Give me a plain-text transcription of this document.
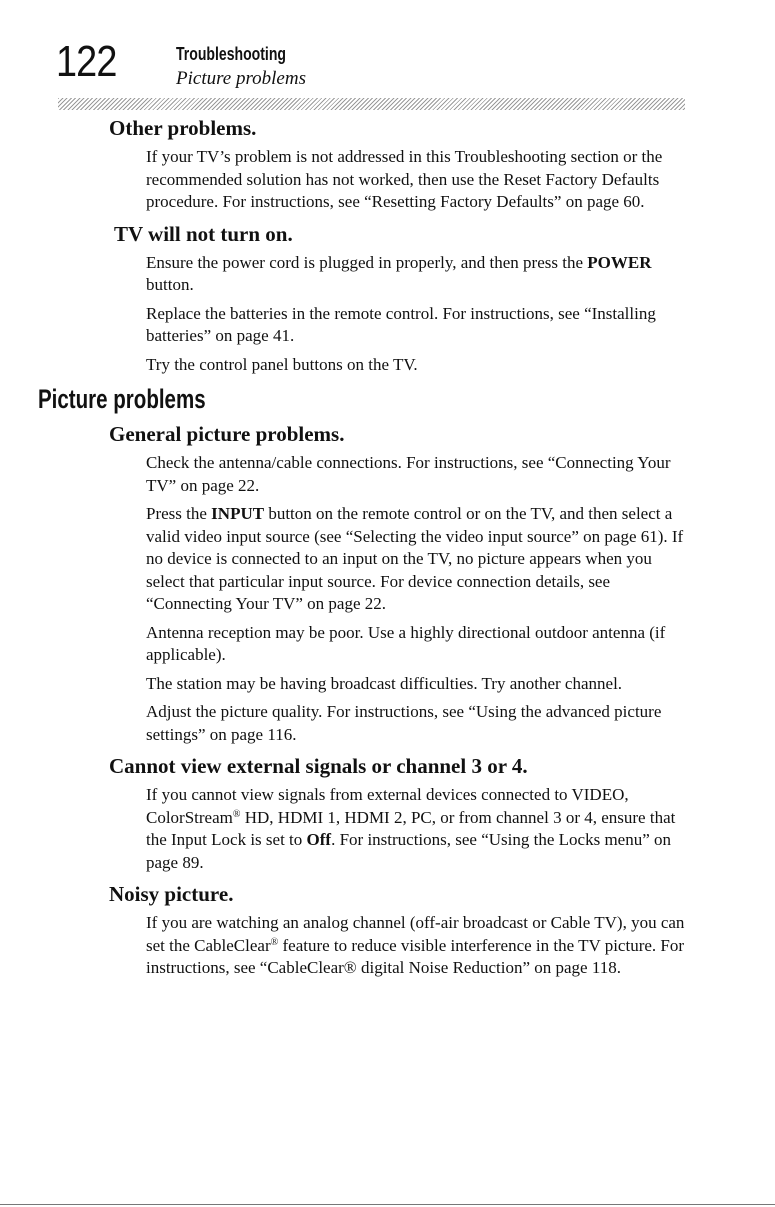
122	Troubleshooting
Picture problems
Other problems.

If your TV’s problem is not addressed in this Troubleshooting section or the recommended solution has not worked, then use the Reset Factory Defaults procedure. For instructions, see “Resetting Factory Defaults” on page 60.

TV will not turn on.

Ensure the power cord is plugged in properly, and then press the POWER button.

Replace the batteries in the remote control. For instructions, see “Installing batteries” on page 41.

Try the control panel buttons on the TV.

Picture problems
General picture problems.

Check the antenna/cable connections. For instructions, see “Connecting Your TV” on page 22.

Press the INPUT button on the remote control or on the TV, and then select a valid video input source (see “Selecting the video input source” on page 61). If no device is connected to an input on the TV, no picture appears when you select that particular input source. For device connection details, see “Connecting Your TV” on page 22.

Antenna reception may be poor. Use a highly directional outdoor antenna (if applicable).

The station may be having broadcast difficulties. Try another channel.

Adjust the picture quality. For instructions, see “Using the advanced picture settings” on page 116.

Cannot view external signals or channel 3 or 4.

If you cannot view signals from external devices connected to VIDEO, ColorStream® HD, HDMI 1, HDMI 2, PC, or from channel 3 or 4, ensure that the Input Lock is set to Off. For instructions, see “Using the Locks menu” on page 89.

Noisy picture.

If you are watching an analog channel (off-air broadcast or Cable TV), you can set the CableClear® feature to reduce visible interference in the TV picture. For instructions, see “CableClear® digital Noise Reduction” on page 118.
